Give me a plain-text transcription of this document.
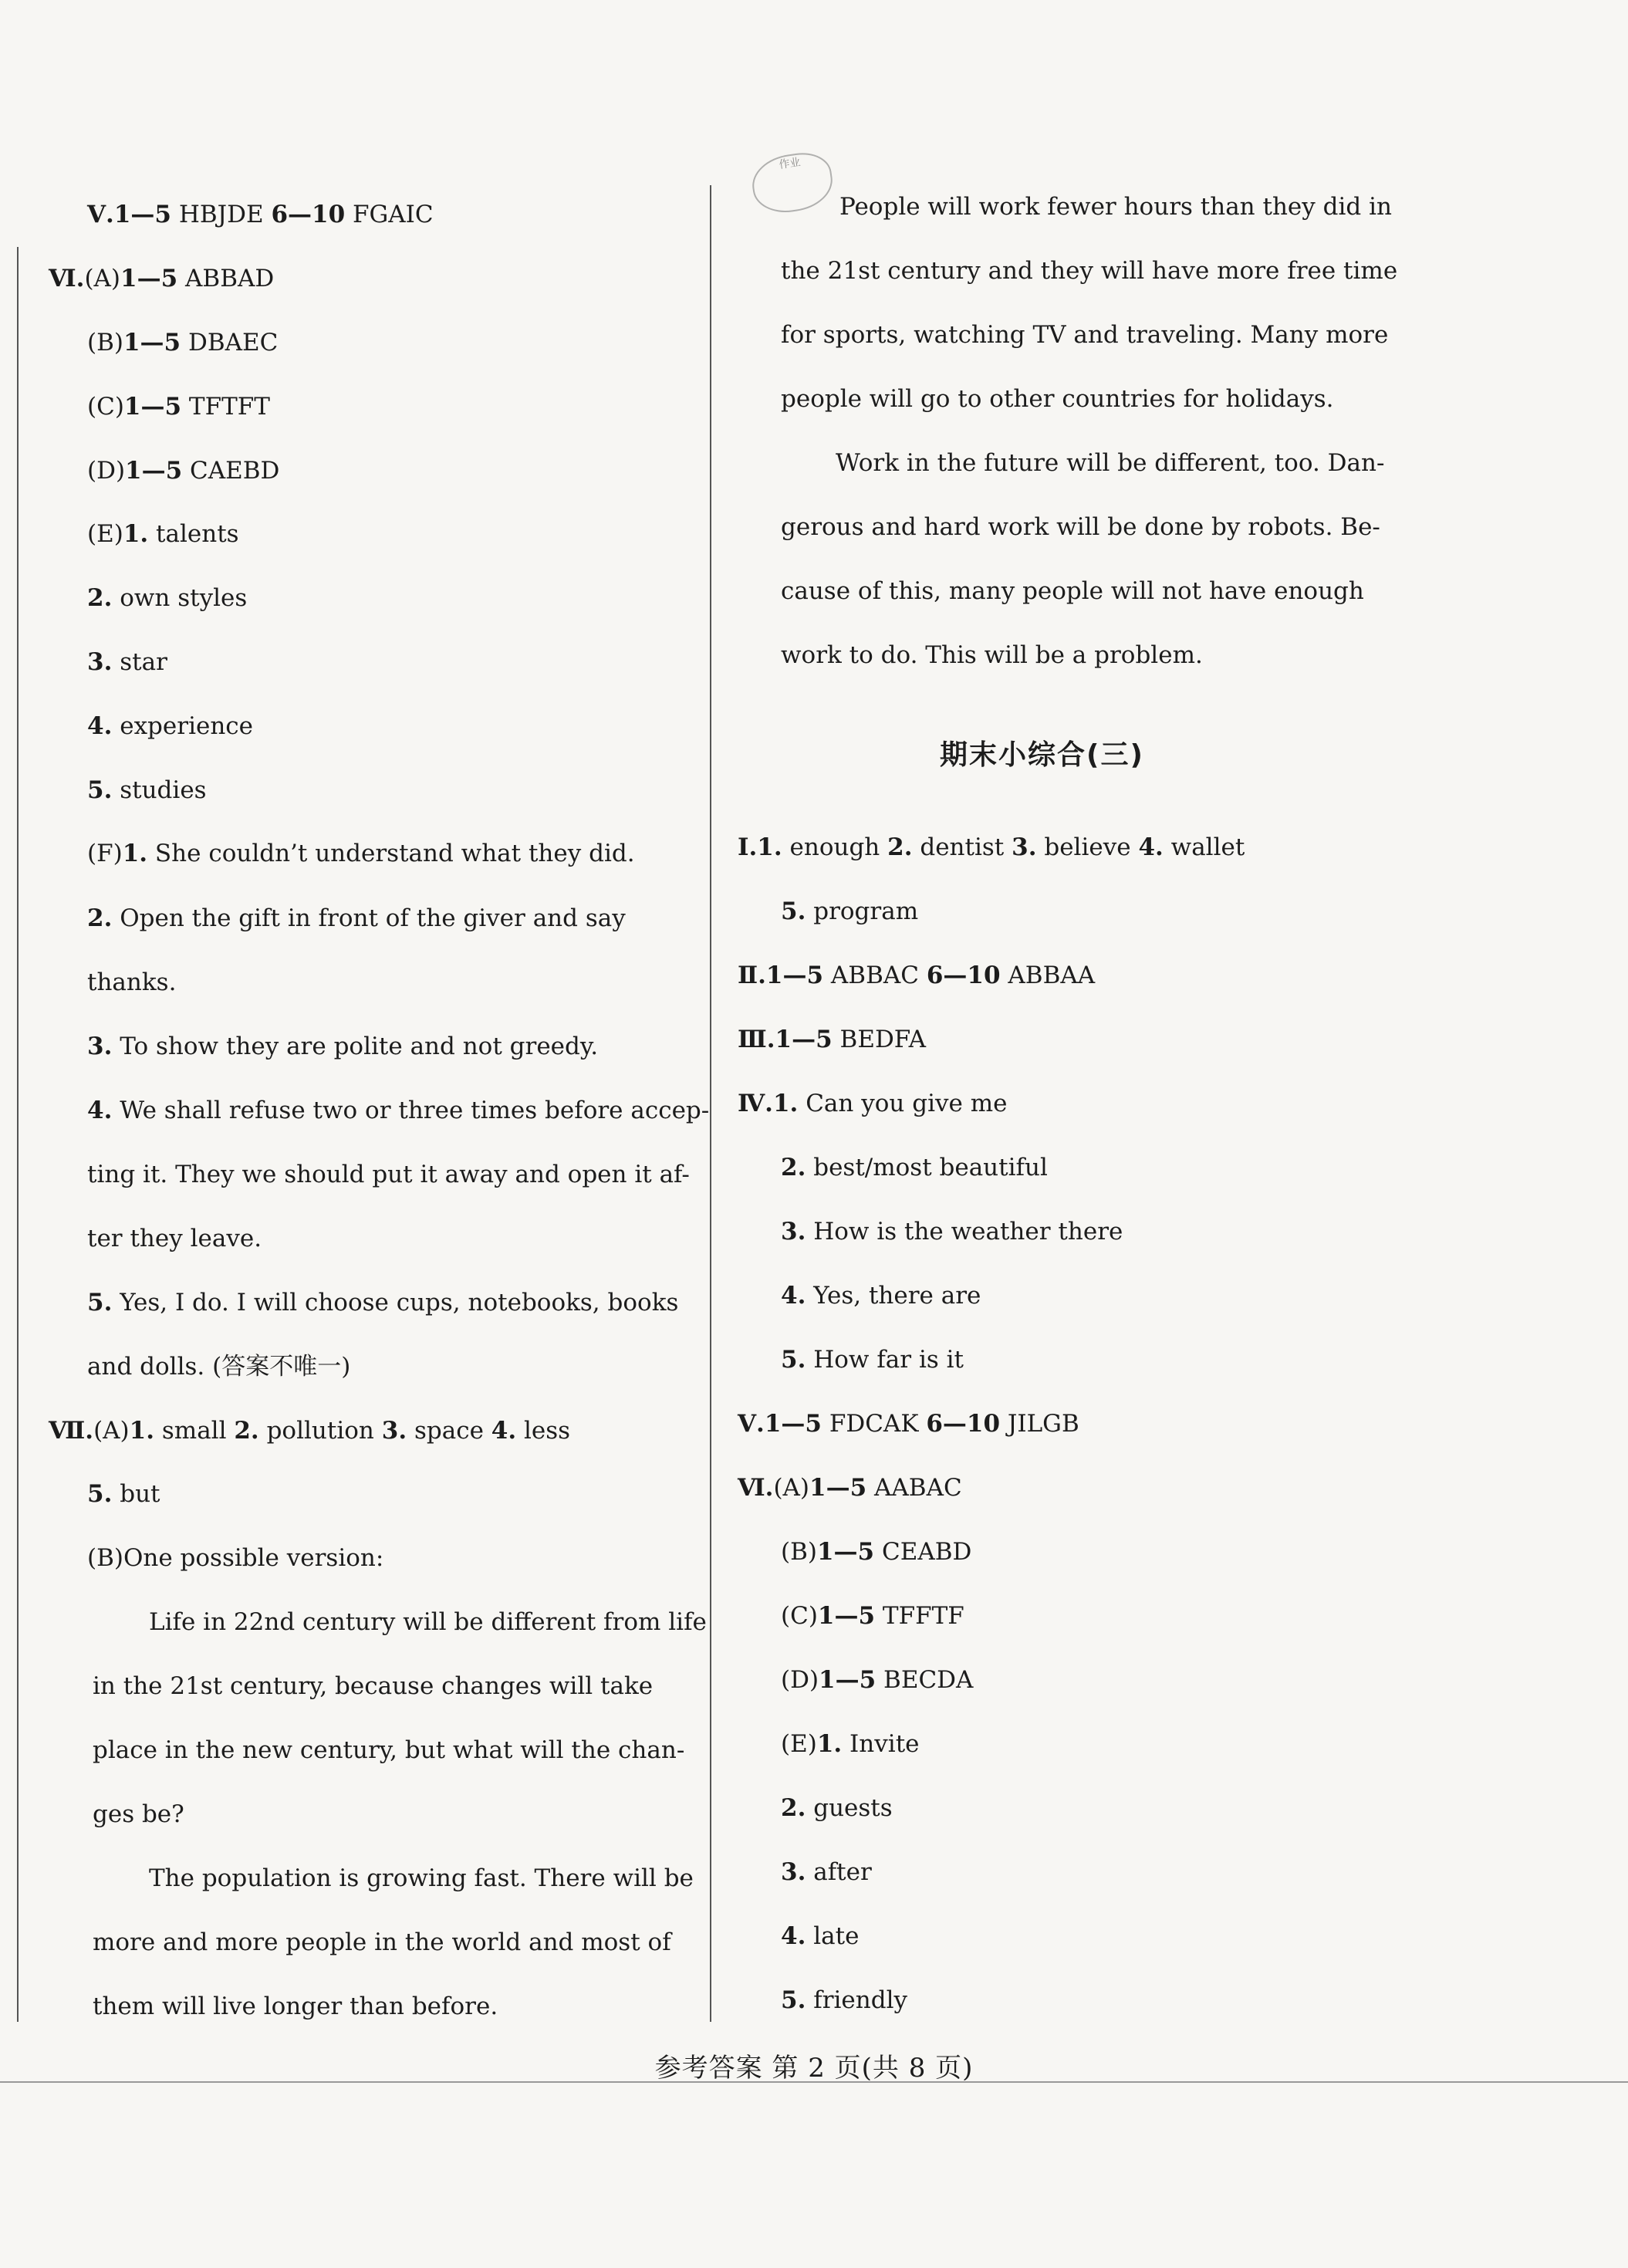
Ⅴ.1—5 HBJDE 6—10 FGAIC
Ⅵ.(A)1—5 ABBAD
(B)1—5 DBAEC
(C)1—5 TFTFT
(D)1—5 CAEBD
(E)1. talents
2. own styles
3. star
4. experience
5. studies
(F)1. She couldn’t understand what they did.
2. Open the gift in front of the giver and say
thanks.
3. To show they are polite and not greedy.
4. We shall refuse two or three times before accep-
ting it. They we should put it away and open it af-
ter they leave.
5. Yes, I do. I will choose cups, notebooks, books
and dolls. (答案不唯一)
Ⅶ.(A)1. small 2. pollution 3. space 4. less
5. but
(B)One possible version:
Life in 22nd century will be different from life
in the 21st century, because changes will take
place in the new century, but what will the chan-
ges be?
The population is growing fast. There will be
more and more people in the world and most of
them will live longer than before.
People will work fewer hours than they did in
the 21st century and they will have more free time
for sports, watching TV and traveling. Many more
people will go to other countries for holidays.
Work in the future will be different, too. Dan-
gerous and hard work will be done by robots. Be-
cause of this, many people will not have enough
work to do. This will be a problem.
Ⅰ.1. enough 2. dentist 3. believe 4. wallet
5. program
Ⅱ.1—5 ABBAC 6—10 ABBAA
Ⅲ.1—5 BEDFA
Ⅳ.1. Can you give me
2. best/most beautiful
3. How is the weather there
4. Yes, there are
5. How far is it
Ⅴ.1—5 FDCAK 6—10 JILGB
Ⅵ.(A)1—5 AABAC
(B)1—5 CEABD
(C)1—5 TFFTF
(D)1—5 BECDA
(E)1. Invite
2. guests
3. after
4. late
5. friendly
作业
期末小综合(三)
参考答案 第 2 页(共 8 页)
